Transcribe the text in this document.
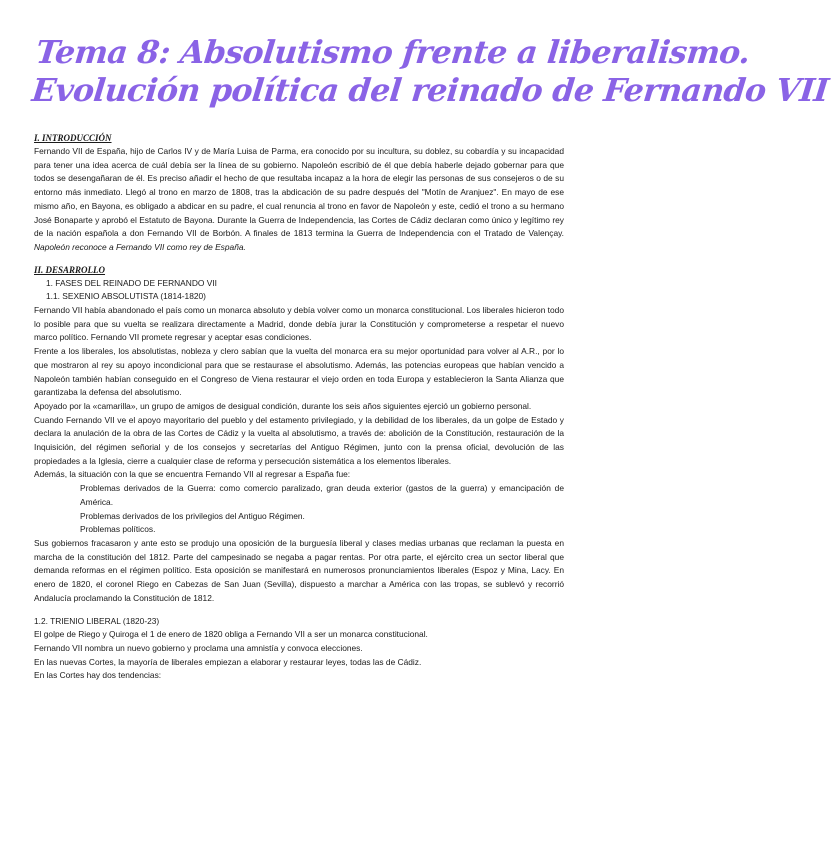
Tema 8: Absolutismo frente a liberalismo.
Evolución política del reinado de Fernando VII
I. INTRODUCCIÓN

Fernando VII de España, hijo de Carlos IV y de María Luisa de Parma, era conocido por su incultura, su doblez, su cobardía y su incapacidad para tener una idea acerca de cuál debía ser la línea de su gobierno. Napoleón escribió de él que debía haberle dejado gobernar para que todos se desengañaran de él. Es preciso añadir el hecho de que resultaba incapaz a la hora de elegir las personas de sus consejeros o de su entorno más inmediato. Llegó al trono en marzo de 1808, tras la abdicación de su padre después del "Motín de Aranjuez". En mayo de ese mismo año, en Bayona, es obligado a abdicar en su padre, el cual renuncia al trono en favor de Napoleón y este, cedió el trono a su hermano José Bonaparte y aprobó el Estatuto de Bayona. Durante la Guerra de Independencia, las Cortes de Cádiz declaran como único y legítimo rey de la nación española a don Fernando VII de Borbón. A finales de 1813 termina la Guerra de Independencia con el Tratado de Valençay. Napoleón reconoce a Fernando VII como rey de España.

II. DESARROLLO
1. FASES DEL REINADO DE FERNANDO VII
1.1. SEXENIO ABSOLUTISTA (1814-1820)

Fernando VII había abandonado el país como un monarca absoluto y debía volver como un monarca constitucional. Los liberales hicieron todo lo posible para que su vuelta se realizara directamente a Madrid, donde debía jurar la Constitución y comprometerse a respetar el nuevo marco político. Fernando VII promete regresar y aceptar esas condiciones.

Frente a los liberales, los absolutistas, nobleza y clero sabían que la vuelta del monarca era su mejor oportunidad para volver al A.R., por lo que mostraron al rey su apoyo incondicional para que se restaurase el absolutismo. Además, las potencias europeas que habían vencido a Napoleón también habían conseguido en el Congreso de Viena restaurar el viejo orden en toda Europa y establecieron la Santa Alianza que garantizaba la defensa del absolutismo.

Apoyado por la «camarilla», un grupo de amigos de desigual condición, durante los seis años siguientes ejerció un gobierno personal.

Cuando Fernando VII ve el apoyo mayoritario del pueblo y del estamento privilegiado, y la debilidad de los liberales, da un golpe de Estado y declara la anulación de la obra de las Cortes de Cádiz y la vuelta al absolutismo, a través de: abolición de la Constitución, restauración de la Inquisición, del régimen señorial y de los consejos y secretarías del Antiguo Régimen, junto con la prensa oficial, devolución de las propiedades a la Iglesia, cierre a cualquier clase de reforma y persecución sistemática a los elementos liberales.

Además, la situación con la que se encuentra Fernando VII al regresar a España fue:

Problemas derivados de la Guerra: como comercio paralizado, gran deuda exterior (gastos de la guerra) y emancipación de América.

Problemas derivados de los privilegios del Antiguo Régimen.

Problemas políticos.

Sus gobiernos fracasaron y ante esto se produjo una oposición de la burguesía liberal y clases medias urbanas que reclaman la puesta en marcha de la constitución del 1812. Parte del campesinado se negaba a pagar rentas. Por otra parte, el ejército crea un sector liberal que demanda reformas en el régimen político. Esta oposición se manifestará en numerosos pronunciamientos liberales (Espoz y Mina, Lacy. En enero de 1820, el coronel Riego en Cabezas de San Juan (Sevilla), dispuesto a marchar a América con las tropas, se sublevó y recorrió Andalucía proclamando la Constitución de 1812.

1.2. TRIENIO LIBERAL (1820-23)

El golpe de Riego y Quiroga el 1 de enero de 1820 obliga a Fernando VII a ser un monarca constitucional.

Fernando VII nombra un nuevo gobierno y proclama una amnistía y convoca elecciones.

En las nuevas Cortes, la mayoría de liberales empiezan a elaborar y restaurar leyes, todas las de Cádiz.

En las Cortes hay dos tendencias:
